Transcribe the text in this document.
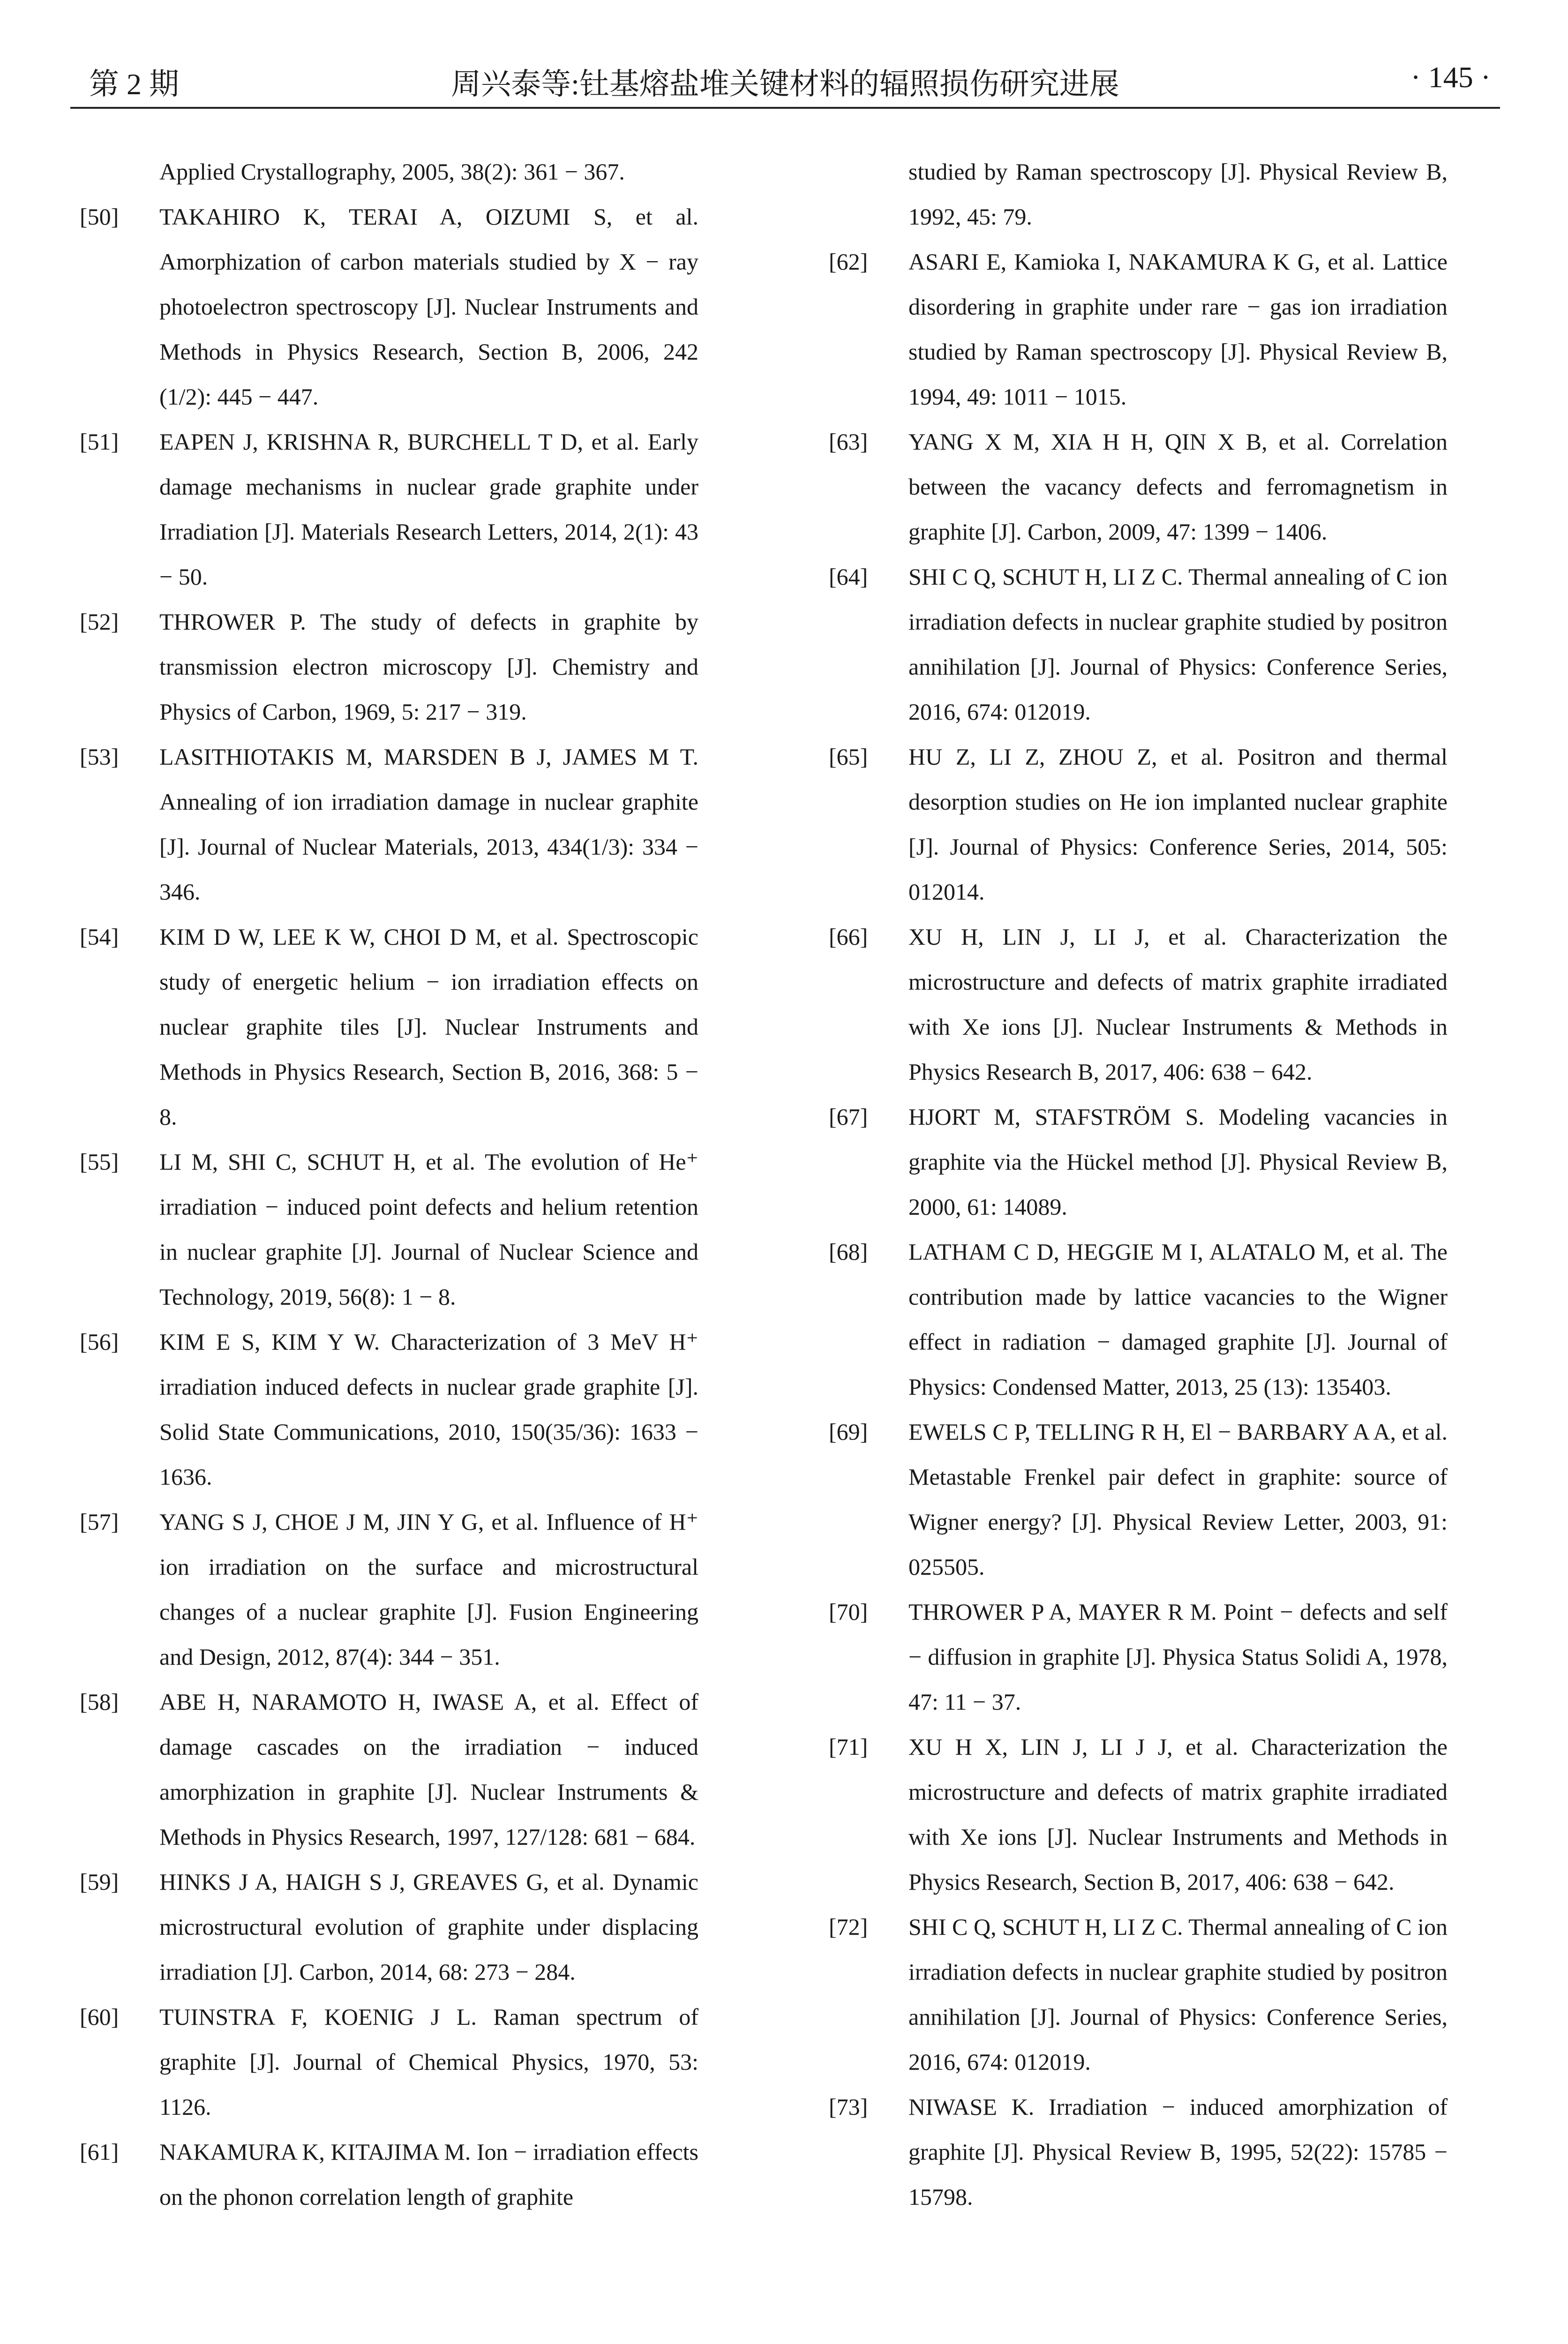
第 2 期	周兴泰等:钍基熔盐堆关键材料的辐照损伤研究进展	· 145 ·
Applied Crystallography, 2005, 38(2): 361 − 367.
[50] TAKAHIRO K, TERAI A, OIZUMI S, et al. Amorphization of carbon materials studied by X − ray photoelectron spectroscopy [J]. Nuclear Instruments and Methods in Physics Research, Section B, 2006, 242 (1/2): 445 − 447.
[51] EAPEN J, KRISHNA R, BURCHELL T D, et al. Early damage mechanisms in nuclear grade graphite under Irradiation [J]. Materials Research Letters, 2014, 2(1): 43 − 50.
[52] THROWER P. The study of defects in graphite by transmission electron microscopy [J]. Chemistry and Physics of Carbon, 1969, 5: 217 − 319.
[53] LASITHIOTAKIS M, MARSDEN B J, JAMES M T. Annealing of ion irradiation damage in nuclear graphite [J]. Journal of Nuclear Materials, 2013, 434(1/3): 334 − 346.
[54] KIM D W, LEE K W, CHOI D M, et al. Spectroscopic study of energetic helium − ion irradiation effects on nuclear graphite tiles [J]. Nuclear Instruments and Methods in Physics Research, Section B, 2016, 368: 5 − 8.
[55] LI M, SHI C, SCHUT H, et al. The evolution of He⁺ irradiation − induced point defects and helium retention in nuclear graphite [J]. Journal of Nuclear Science and Technology, 2019, 56(8): 1 − 8.
[56] KIM E S, KIM Y W. Characterization of 3 MeV H⁺ irradiation induced defects in nuclear grade graphite [J]. Solid State Communications, 2010, 150(35/36): 1633 − 1636.
[57] YANG S J, CHOE J M, JIN Y G, et al. Influence of H⁺ ion irradiation on the surface and microstructural changes of a nuclear graphite [J]. Fusion Engineering and Design, 2012, 87(4): 344 − 351.
[58] ABE H, NARAMOTO H, IWASE A, et al. Effect of damage cascades on the irradiation − induced amorphization in graphite [J]. Nuclear Instruments & Methods in Physics Research, 1997, 127/128: 681 − 684.
[59] HINKS J A, HAIGH S J, GREAVES G, et al. Dynamic microstructural evolution of graphite under displacing irradiation [J]. Carbon, 2014, 68: 273 − 284.
[60] TUINSTRA F, KOENIG J L. Raman spectrum of graphite [J]. Journal of Chemical Physics, 1970, 53: 1126.
[61] NAKAMURA K, KITAJIMA M. Ion − irradiation effects on the phonon correlation length of graphite
studied by Raman spectroscopy [J]. Physical Review B, 1992, 45: 79.
[62] ASARI E, Kamioka I, NAKAMURA K G, et al. Lattice disordering in graphite under rare − gas ion irradiation studied by Raman spectroscopy [J]. Physical Review B, 1994, 49: 1011 − 1015.
[63] YANG X M, XIA H H, QIN X B, et al. Correlation between the vacancy defects and ferromagnetism in graphite [J]. Carbon, 2009, 47: 1399 − 1406.
[64] SHI C Q, SCHUT H, LI Z C. Thermal annealing of C ion irradiation defects in nuclear graphite studied by positron annihilation [J]. Journal of Physics: Conference Series, 2016, 674: 012019.
[65] HU Z, LI Z, ZHOU Z, et al. Positron and thermal desorption studies on He ion implanted nuclear graphite [J]. Journal of Physics: Conference Series, 2014, 505: 012014.
[66] XU H, LIN J, LI J, et al. Characterization the microstructure and defects of matrix graphite irradiated with Xe ions [J]. Nuclear Instruments & Methods in Physics Research B, 2017, 406: 638 − 642.
[67] HJORT M, STAFSTRÖM S. Modeling vacancies in graphite via the Hückel method [J]. Physical Review B, 2000, 61: 14089.
[68] LATHAM C D, HEGGIE M I, ALATALO M, et al. The contribution made by lattice vacancies to the Wigner effect in radiation − damaged graphite [J]. Journal of Physics: Condensed Matter, 2013, 25 (13): 135403.
[69] EWELS C P, TELLING R H, El − BARBARY A A, et al. Metastable Frenkel pair defect in graphite: source of Wigner energy? [J]. Physical Review Letter, 2003, 91: 025505.
[70] THROWER P A, MAYER R M. Point − defects and self − diffusion in graphite [J]. Physica Status Solidi A, 1978, 47: 11 − 37.
[71] XU H X, LIN J, LI J J, et al. Characterization the microstructure and defects of matrix graphite irradiated with Xe ions [J]. Nuclear Instruments and Methods in Physics Research, Section B, 2017, 406: 638 − 642.
[72] SHI C Q, SCHUT H, LI Z C. Thermal annealing of C ion irradiation defects in nuclear graphite studied by positron annihilation [J]. Journal of Physics: Conference Series, 2016, 674: 012019.
[73] NIWASE K. Irradiation − induced amorphization of graphite [J]. Physical Review B, 1995, 52(22): 15785 − 15798.
